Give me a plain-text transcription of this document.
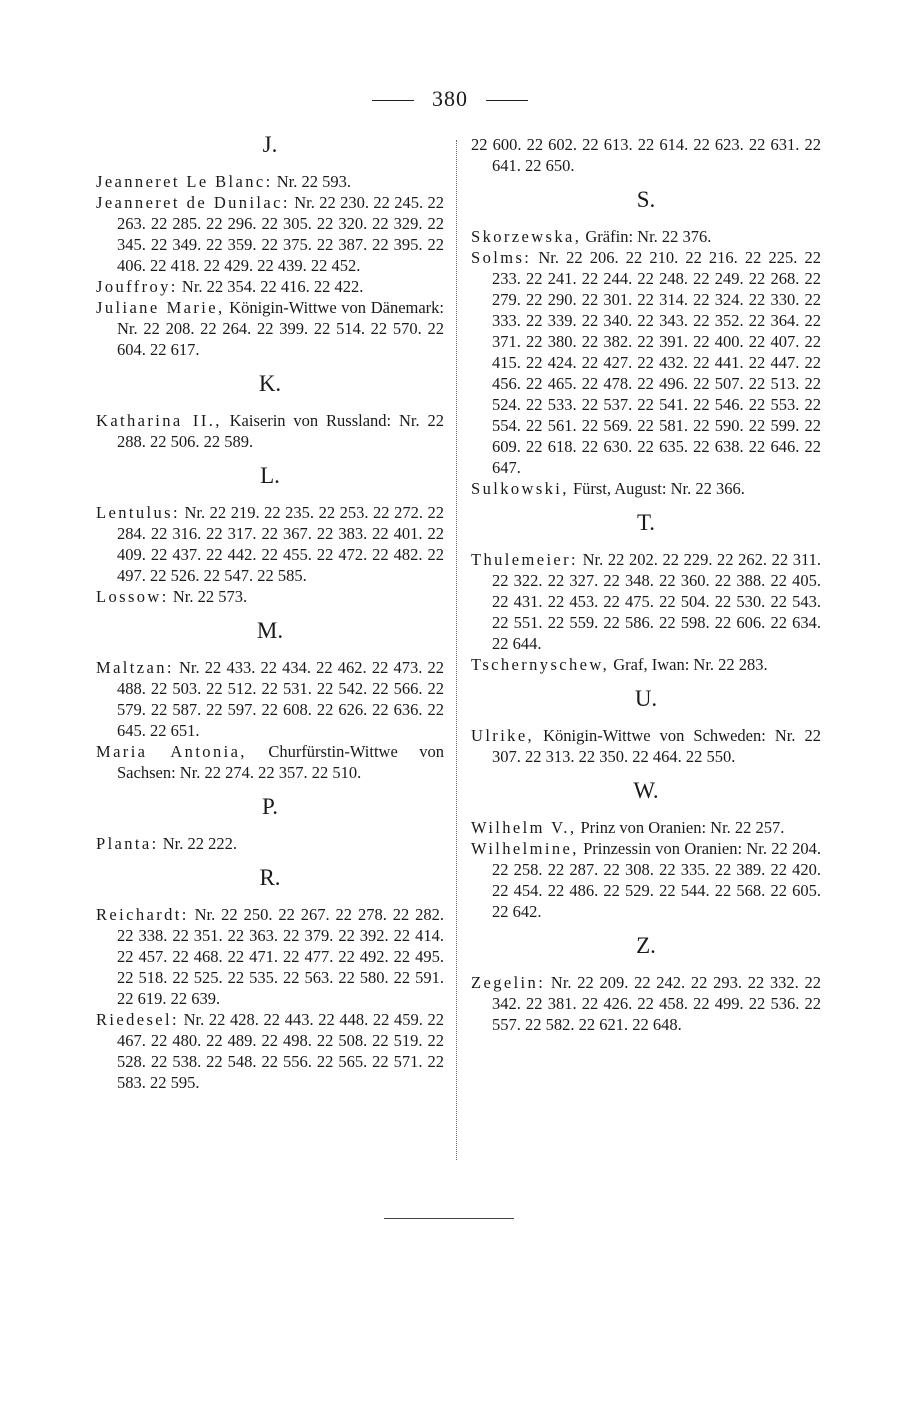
380
J.
Jeanneret Le Blanc: Nr. 22 593.
Jeanneret de Dunilac: Nr. 22 230. 22 245. 22 263. 22 285. 22 296. 22 305. 22 320. 22 329. 22 345. 22 349. 22 359. 22 375. 22 387. 22 395. 22 406. 22 418. 22 429. 22 439. 22 452.
Jouffroy: Nr. 22 354. 22 416. 22 422.
Juliane Marie, Königin-Wittwe von Dänemark: Nr. 22 208. 22 264. 22 399. 22 514. 22 570. 22 604. 22 617.
K.
Katharina II., Kaiserin von Russland: Nr. 22 288. 22 506. 22 589.
L.
Lentulus: Nr. 22 219. 22 235. 22 253. 22 272. 22 284. 22 316. 22 317. 22 367. 22 383. 22 401. 22 409. 22 437. 22 442. 22 455. 22 472. 22 482. 22 497. 22 526. 22 547. 22 585.
Lossow: Nr. 22 573.
M.
Maltzan: Nr. 22 433. 22 434. 22 462. 22 473. 22 488. 22 503. 22 512. 22 531. 22 542. 22 566. 22 579. 22 587. 22 597. 22 608. 22 626. 22 636. 22 645. 22 651.
Maria Antonia, Churfürstin-Wittwe von Sachsen: Nr. 22 274. 22 357. 22 510.
P.
Planta: Nr. 22 222.
R.
Reichardt: Nr. 22 250. 22 267. 22 278. 22 282. 22 338. 22 351. 22 363. 22 379. 22 392. 22 414. 22 457. 22 468. 22 471. 22 477. 22 492. 22 495. 22 518. 22 525. 22 535. 22 563. 22 580. 22 591. 22 619. 22 639.
Riedesel: Nr. 22 428. 22 443. 22 448. 22 459. 22 467. 22 480. 22 489. 22 498. 22 508. 22 519. 22 528. 22 538. 22 548. 22 556. 22 565. 22 571. 22 583. 22 595.
22 600. 22 602. 22 613. 22 614. 22 623. 22 631. 22 641. 22 650.
S.
Skorzewska, Gräfin: Nr. 22 376.
Solms: Nr. 22 206. 22 210. 22 216. 22 225. 22 233. 22 241. 22 244. 22 248. 22 249. 22 268. 22 279. 22 290. 22 301. 22 314. 22 324. 22 330. 22 333. 22 339. 22 340. 22 343. 22 352. 22 364. 22 371. 22 380. 22 382. 22 391. 22 400. 22 407. 22 415. 22 424. 22 427. 22 432. 22 441. 22 447. 22 456. 22 465. 22 478. 22 496. 22 507. 22 513. 22 524. 22 533. 22 537. 22 541. 22 546. 22 553. 22 554. 22 561. 22 569. 22 581. 22 590. 22 599. 22 609. 22 618. 22 630. 22 635. 22 638. 22 646. 22 647.
Sulkowski, Fürst, August: Nr. 22 366.
T.
Thulemeier: Nr. 22 202. 22 229. 22 262. 22 311. 22 322. 22 327. 22 348. 22 360. 22 388. 22 405. 22 431. 22 453. 22 475. 22 504. 22 530. 22 543. 22 551. 22 559. 22 586. 22 598. 22 606. 22 634. 22 644.
Tschernyschew, Graf, Iwan: Nr. 22 283.
U.
Ulrike, Königin-Wittwe von Schweden: Nr. 22 307. 22 313. 22 350. 22 464. 22 550.
W.
Wilhelm V., Prinz von Oranien: Nr. 22 257.
Wilhelmine, Prinzessin von Oranien: Nr. 22 204. 22 258. 22 287. 22 308. 22 335. 22 389. 22 420. 22 454. 22 486. 22 529. 22 544. 22 568. 22 605. 22 642.
Z.
Zegelin: Nr. 22 209. 22 242. 22 293. 22 332. 22 342. 22 381. 22 426. 22 458. 22 499. 22 536. 22 557. 22 582. 22 621. 22 648.
